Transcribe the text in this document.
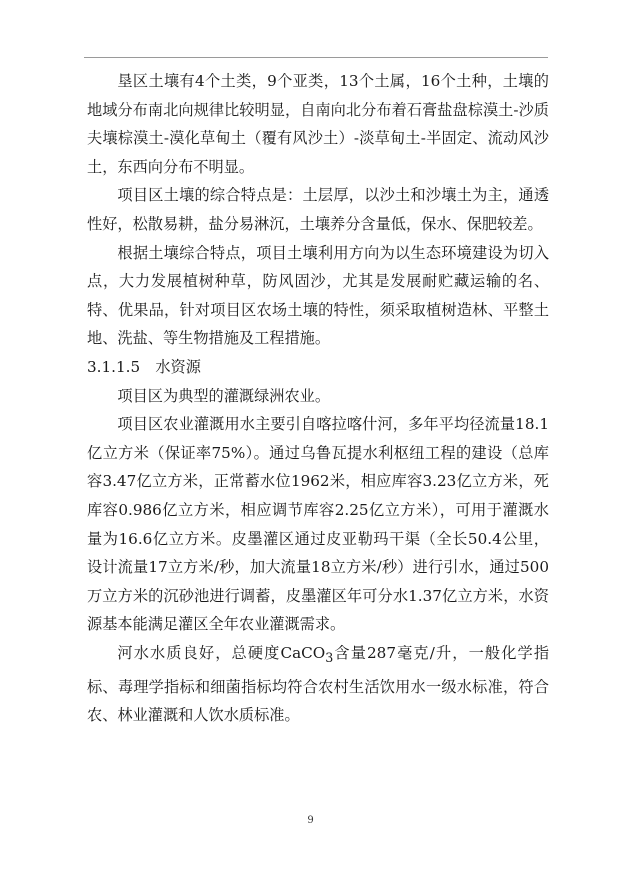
垦区土壤有4个土类，9个亚类，13个土属，16个土种，土壤的地域分布南北向规律比较明显，自南向北分布着石膏盐盘棕漠土-沙质夫壤棕漠土-漠化草甸土（覆有风沙土）-淡草甸土-半固定、流动风沙土，东西向分布不明显。

项目区土壤的综合特点是：土层厚，以沙土和沙壤土为主，通透性好，松散易耕，盐分易淋沉，土壤养分含量低，保水、保肥较差。

根据土壤综合特点，项目土壤利用方向为以生态环境建设为切入点，大力发展植树种草，防风固沙，尤其是发展耐贮藏运输的名、特、优果品，针对项目区农场土壤的特性，须采取植树造林、平整土地、洗盐、等生物措施及工程措施。

3.1.1.5　水资源

项目区为典型的灌溉绿洲农业。

项目区农业灌溉用水主要引自喀拉喀什河，多年平均径流量18.1亿立方米（保证率75%）。通过乌鲁瓦提水利枢纽工程的建设（总库容3.47亿立方米，正常蓄水位1962米，相应库容3.23亿立方米，死库容0.986亿立方米，相应调节库容2.25亿立方米），可用于灌溉水量为16.6亿立方米。皮墨灌区通过皮亚勒玛干渠（全长50.4公里，设计流量17立方米/秒，加大流量18立方米/秒）进行引水，通过500万立方米的沉砂池进行调蓄，皮墨灌区年可分水1.37亿立方米，水资源基本能满足灌区全年农业灌溉需求。

河水水质良好，总硬度CaCO$_3$含量287毫克/升，一般化学指标、毒理学指标和细菌指标均符合农村生活饮用水一级水标准，符合农、林业灌溉和人饮水质标准。

9
